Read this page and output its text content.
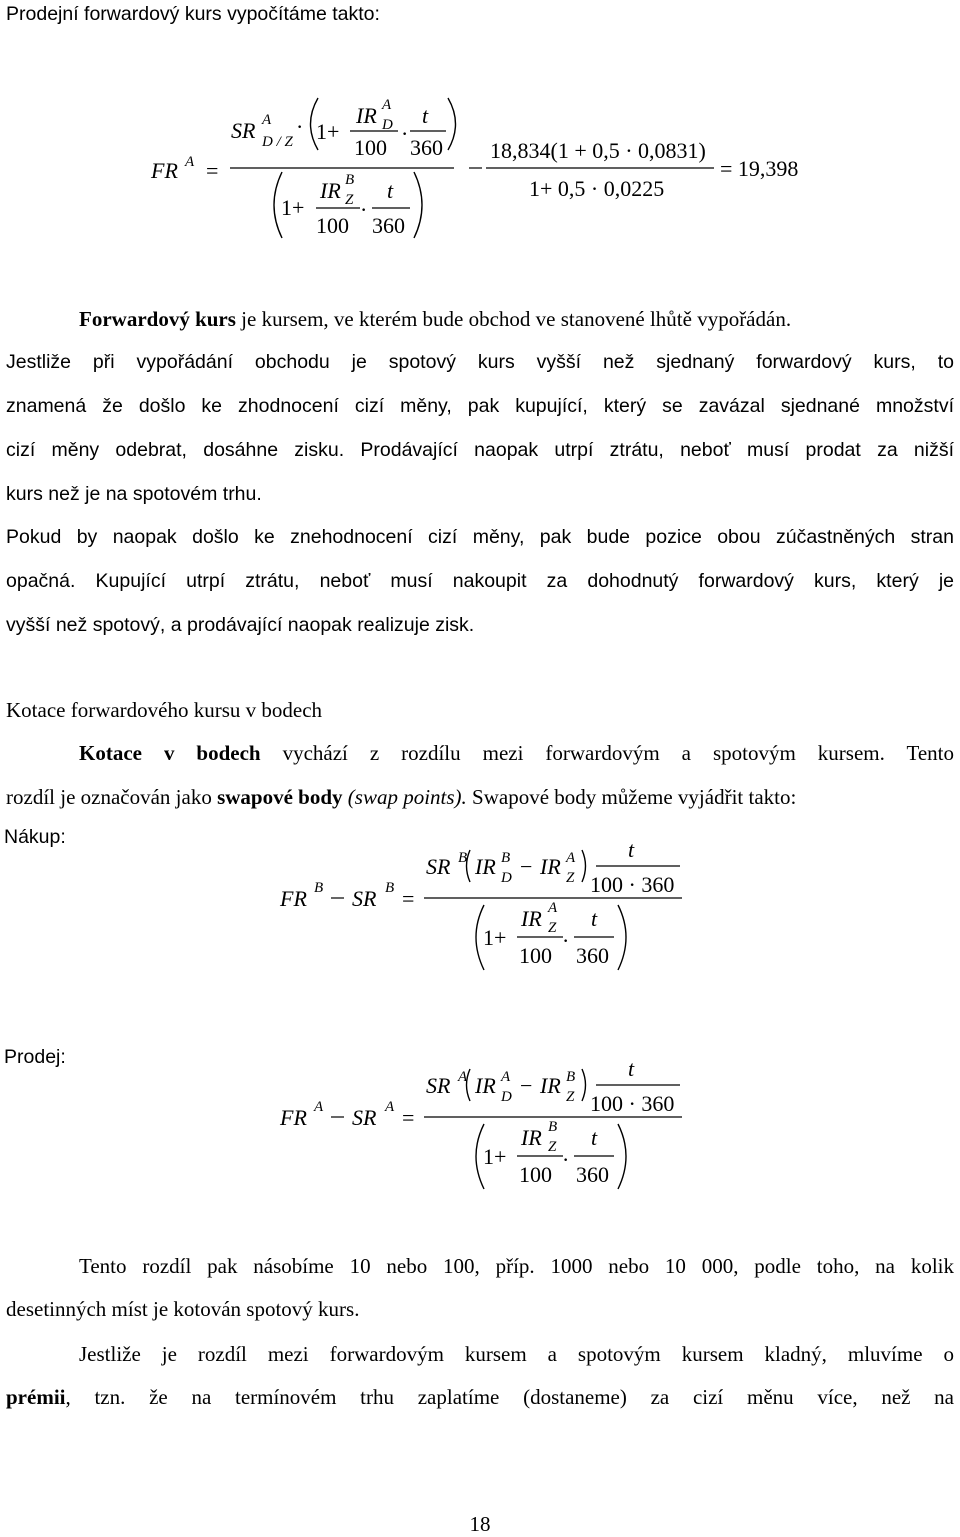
Prodejní forwardový kurs vypočítáme takto:

FR A =
SR A
D / Z
· 1+
IR A
D
100
·
t
360
1+
IR B
Z
100
·
t
360
18,834(1 + 0,5 · 0,0831)
1+ 0,5 · 0,0225
= 19,398

Forwardový kurs je kursem, ve kterém bude obchod ve stanovené lhůtě vypořádán.

Jestliže při vypořádání obchodu je spotový kurs vyšší než sjednaný forwardový kurs, to

znamená že došlo ke zhodnocení cizí měny, pak kupující, který se zavázal sjednané množství

cizí měny odebrat, dosáhne zisku. Prodávající naopak utrpí ztrátu, neboť musí prodat za nižší

kurs než je na spotovém trhu.

Pokud by naopak došlo ke znehodnocení cizí měny, pak bude pozice obou zúčastněných stran

opačná. Kupující utrpí ztrátu, neboť musí nakoupit za dohodnutý forwardový kurs, který je

vyšší než spotový, a prodávající naopak realizuje zisk.

Kotace forwardového kursu v bodech

Kotace v bodech vychází z rozdílu mezi forwardovým a spotovým kursem. Tento

rozdíl je označován jako swapové body (swap points). Swapové body můžeme vyjádřit takto:

Nákup:

FR B SR B =
SR B IR B
D − IR A
Z
t
100 · 360
1+
IR A
Z
100
·
t
360

Prodej:

FR A SR A =
SR A IR A
D − IR B
Z
t
100 · 360
1+
IR B
Z
100
·
t
360

Tento rozdíl pak násobíme 10 nebo 100, příp. 1000 nebo 10 000, podle toho, na kolik

desetinných míst je kotován spotový kurs.

Jestliže je rozdíl mezi forwardovým kursem a spotovým kursem kladný, mluvíme o

prémii, tzn. že na termínovém trhu zaplatíme (dostaneme) za cizí měnu více, než na

18
